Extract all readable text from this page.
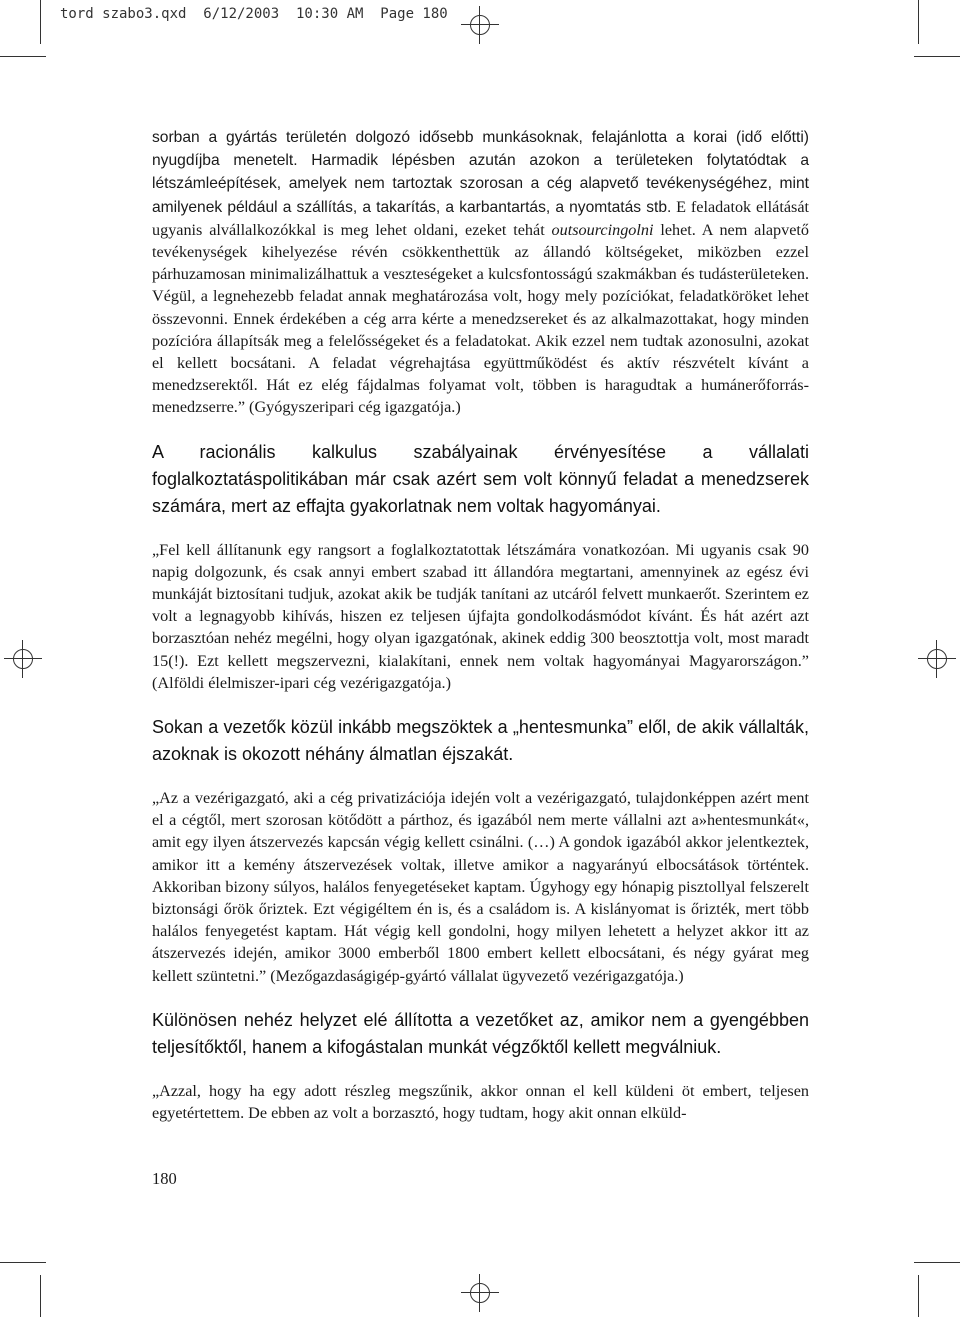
tord szabo3.qxd  6/12/2003  10:30 AM  Page 180

sorban a gyártás területén dolgozó idősebb munkásoknak, felajánlotta a korai (idő előtti) nyugdíjba menetelt. Harmadik lépésben azután azokon a területeken folytatódtak a létszámleépítések, amelyek nem tartoztak szorosan a cég alapvető tevékenységéhez, mint amilyenek például a szállítás, a takarítás, a karbantartás, a nyomtatás stb. E feladatok ellátását ugyanis alvállalkozókkal is meg lehet oldani, ezeket tehát outsourcingolni lehet. A nem alapvető tevékenységek kihelyezése révén csökkenthettük az állandó költségeket, miközben ezzel párhuzamosan minimalizálhattuk a veszteségeket a kulcsfontosságú szakmákban és tudásterületeken. Végül, a legnehezebb feladat annak meghatározása volt, hogy mely pozíciókat, feladatköröket lehet összevonni. Ennek érdekében a cég arra kérte a menedzsereket és az alkalmazottakat, hogy minden pozícióra állapítsák meg a felelősségeket és a feladatokat. Akik ezzel nem tudtak azonosulni, azokat el kellett bocsátani. A feladat végrehajtása együttműködést és aktív részvételt kívánt a menedzserektől. Hát ez elég fájdalmas folyamat volt, többen is haragudtak a humánerőforrás-menedzserre.” (Gyógyszeripari cég igazgatója.)

A racionális kalkulus szabályainak érvényesítése a vállalati foglalkoztatáspolitikában már csak azért sem volt könnyű feladat a menedzserek számára, mert az effajta gyakorlatnak nem voltak hagyományai.

„Fel kell állítanunk egy rangsort a foglalkoztatottak létszámára vonatkozóan. Mi ugyanis csak 90 napig dolgozunk, és csak annyi embert szabad itt állandóra megtartani, amennyinek az egész évi munkáját biztosítani tudjuk, azokat akik be tudják tanítani az utcáról felvett munkaerőt. Szerintem ez volt a legnagyobb kihívás, hiszen ez teljesen újfajta gondolkodásmódot kívánt. És hát azért azt borzasztóan nehéz megélni, hogy olyan igazgatónak, akinek eddig 300 beosztottja volt, most maradt 15(!). Ezt kellett megszervezni, kialakítani, ennek nem voltak hagyományai Magyarországon.” (Alföldi élelmiszer-ipari cég vezérigazgatója.)

Sokan a vezetők közül inkább megszöktek a „hentesmunka” elől, de akik vállalták, azoknak is okozott néhány álmatlan éjszakát.

„Az a vezérigazgató, aki a cég privatizációja idején volt a vezérigazgató, tulajdonképpen azért ment el a cégtől, mert szorosan kötődött a párthoz, és igazából nem merte vállalni azt a»hentesmunkát«, amit egy ilyen átszervezés kapcsán végig kellett csinálni. (…) A gondok igazából akkor jelentkeztek, amikor itt a kemény átszervezések voltak, illetve amikor a nagyarányú elbocsátások történtek. Akkoriban bizony súlyos, halálos fenyegetéseket kaptam. Úgyhogy egy hónapig pisztollyal felszerelt biztonsági őrök őriztek. Ezt végigéltem én is, és a családom is. A kislányomat is őrizték, mert több halálos fenyegetést kaptam. Hát végig kell gondolni, hogy milyen lehetett a helyzet akkor itt az átszervezés idején, amikor 3000 emberből 1800 embert kellett elbocsátani, és négy gyárat meg kellett szüntetni.” (Mezőgazdaságigép-gyártó vállalat ügyvezető vezérigazgatója.)

Különösen nehéz helyzet elé állította a vezetőket az, amikor nem a gyengébben teljesítőktől, hanem a kifogástalan munkát végzőktől kellett megválniuk.

„Azzal, hogy ha egy adott részleg megszűnik, akkor onnan el kell küldeni öt embert, teljesen egyetértettem. De ebben az volt a borzasztó, hogy tudtam, hogy akit onnan elküld-

180
